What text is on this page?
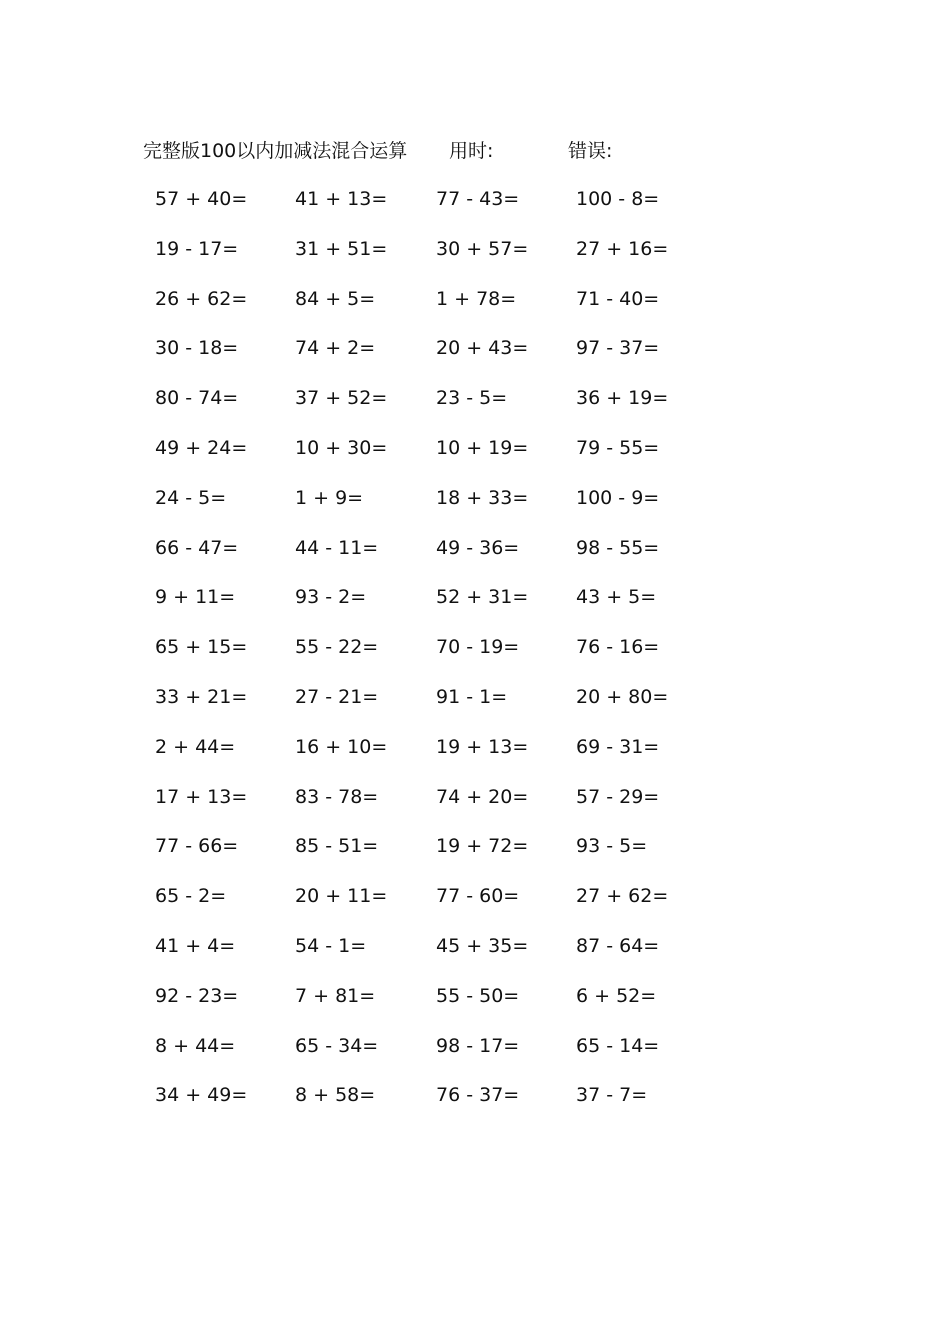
完整版100以内加减法混合运算 用时:	错误:
57 + 40=	41 + 13=	77 - 43=	100 - 8=
19 - 17=	31 + 51=	30 + 57=	27 + 16=
26 + 62=	84 + 5=	1 + 78=	71 - 40=
30 - 18=	74 + 2=	20 + 43=	97 - 37=
80 - 74=	37 + 52=	23 - 5=	36 + 19=
49 + 24=	10 + 30=	10 + 19=	79 - 55=
24 - 5=	1 + 9=	18 + 33=	100 - 9=
66 - 47=	44 - 11=	49 - 36=	98 - 55=
9 + 11=	93 - 2=	52 + 31=	43 + 5=
65 + 15=	55 - 22=	70 - 19=	76 - 16=
33 + 21=	27 - 21=	91 - 1=	20 + 80=
2 + 44=	16 + 10=	19 + 13=	69 - 31=
17 + 13=	83 - 78=	74 + 20=	57 - 29=
77 - 66=	85 - 51=	19 + 72=	93 - 5=
65 - 2=	20 + 11=	77 - 60=	27 + 62=
41 + 4=	54 - 1=	45 + 35=	87 - 64=
92 - 23=	7 + 81=	55 - 50=	6 + 52=
8 + 44=	65 - 34=	98 - 17=	65 - 14=
34 + 49=	8 + 58=	76 - 37=	37 - 7=
